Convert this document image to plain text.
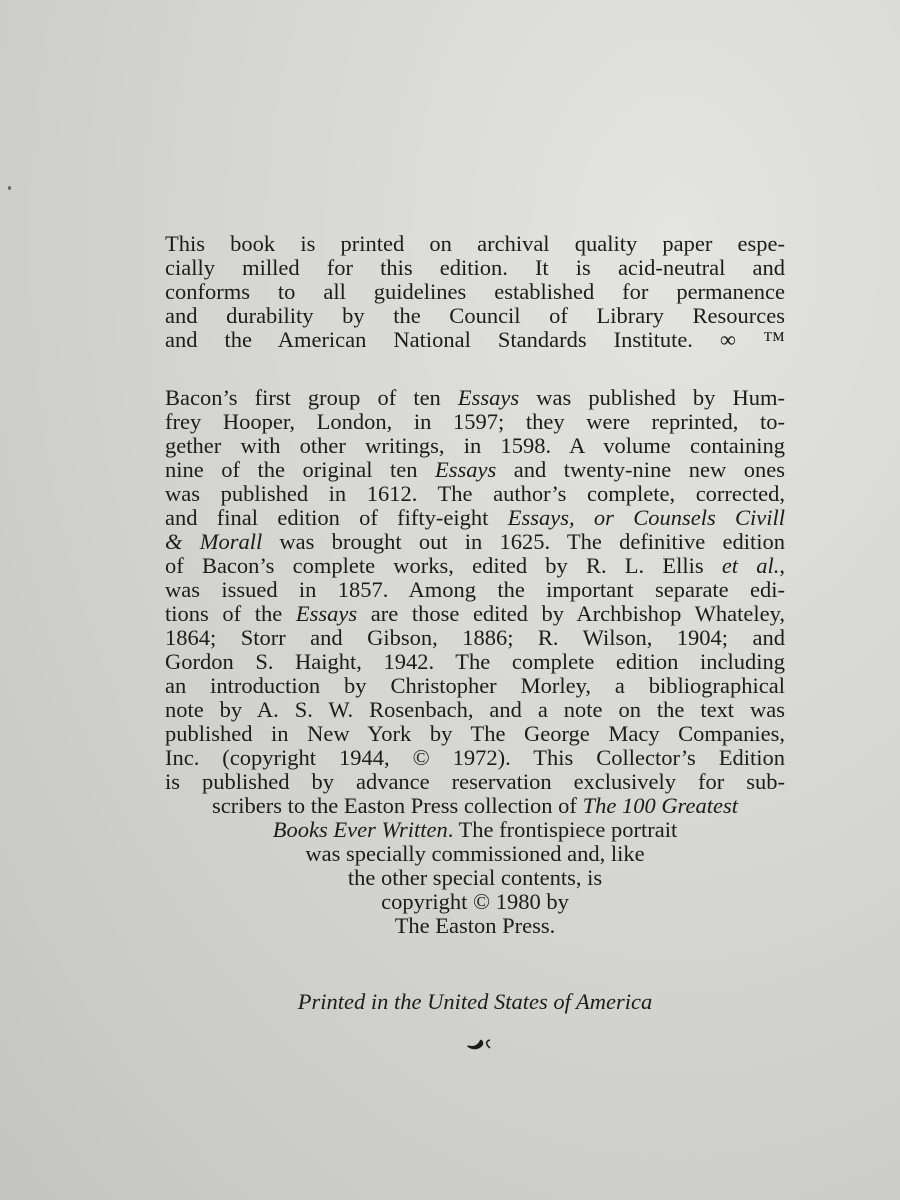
Printed in the United States of America
This book is printed on archival quality paper espe-
cially milled for this edition. It is acid-neutral and
conforms to all guidelines established for permanence
and durability by the Council of Library Resources
and the American National Standards Institute. ∞ ™
Bacon’s first group of ten Essays was published by Hum-
frey Hooper, London, in 1597; they were reprinted, to-
gether with other writings, in 1598. A volume containing
nine of the original ten Essays and twenty-nine new ones
was published in 1612. The author’s complete, corrected,
and final edition of fifty-eight Essays, or Counsels Civill
& Morall was brought out in 1625. The definitive edition
of Bacon’s complete works, edited by R. L. Ellis et al.,
was issued in 1857. Among the important separate edi-
tions of the Essays are those edited by Archbishop Whateley,
1864; Storr and Gibson, 1886; R. Wilson, 1904; and
Gordon S. Haight, 1942. The complete edition including
an introduction by Christopher Morley, a bibliographical
note by A. S. W. Rosenbach, and a note on the text was
published in New York by The George Macy Companies,
Inc. (copyright 1944, © 1972). This Collector’s Edition
is published by advance reservation exclusively for sub-
scribers to the Easton Press collection of The 100 Greatest
Books Ever Written. The frontispiece portrait
was specially commissioned and, like
the other special contents, is
copyright © 1980 by
The Easton Press.
